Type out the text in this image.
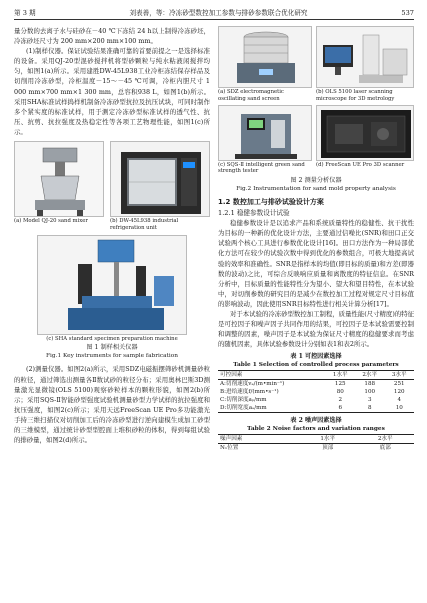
第 3 期	刘表善，等：冷冻砂型数控加工参数与排砂参数联合优化研究	537

量分数的去离子水与硅砂在－40 ℃下冻结 24 h以上制得冷冻砂坯，冷冻砂坯尺寸为 200 mm×200 mm×100 mm。

(1)制样仪器。保证试验结果准确可靠的首要前提之一是选择标准的设备。采用QJ-20型混砂搅拌机将型砂颗粒与纯水粘液闲搅拌均匀，如图1(a)所示。采用建胜DW-45L938工业冷柜冻结保存样品及切削用冷冻砂型，冷柜温度－15～－45 ℃可调，冷柜内胆尺寸 1 000 mm×700 mm×1 300 mm，总容积938 L，如图1(b)所示。采用SHA标准试样捣样机制备冷冻砂型抗拉及抗压试块，可同时制作多个紧实度的标准试样，用于测定冷冻砂型标准试样的透气性、抗压、抗剪、抗拉强度及热稳定性等各项工艺物理性能，如图1(c)所示。

(a) Model QJ-20 sand mixer	(b) DW-45L938 industrial refrigeration unit
(c) SHA standard specimen preparation machine
图 1 制样相关仪器
Fig.1 Key instruments for sample fabrication

(2)测量仪器。如图2(a)所示，采用SDZ电磁振摆筛砂机测量砂粒的粒径，通过筛选出测量各Ⅱ数试砂的粒径分布；采用奥林巴斯3D测量激光显微镜(OLS 5100)观察砂粒样本的颗粒形貌，如图2(b)所示；采用SQS-Ⅱ智能砂型强度试验机测量砂型力学试样的抗拉强度和抗压强度，如图2(c)所示；采用天远FreeScan UE Pro多功能激光手持三维扫描仪对切削加工后的冷冻砂型进行逆向建模生成加工砂型的三维模型，通过统计砂型型腔面上堆积砂粒的体积，得到每组试验的排砂量，如图2(d)所示。

(a) SDZ electromagnetic oscillating sand screen
(b) OLS 5100 laser scanning microscope for 3D metrology
(c) SQS-Ⅱ intelligent green sand strength tester
(d) FreeScan UE Pro 3D scanner
图 2 测量分析仪器
Fig.2 Instrumentation for sand mold property analysis
1.2 数控加工与排砂试验设计方案
1.2.1 稳健参数设计试验

稳健参数设计是以追求产品和系统质量特性的稳健性、抗干扰性为目标的一种新的优化设计方法，主要通过信噪比(SNR)和田口正交试验两个核心工具进行参数优化设计[16]。田口方法作为一种局部优化方法可在较少的试验次数中得到优化的参数组合，可极大地提高试验的效率和准确性。SNR是指样本的均值(即目标的质量)和方差(即器数的波动)之比，可综合反映响应质量和离散度的特征信息。在SNR分析中，目标质量的性能特性分为望小、望大和望目特性，在本试验中，对切削参数的研究目的是减少在数控加工过程对规定尺寸目标值的影响波动，因此使用SNR目标特性进行相关计算分析[17]。

对于本试验的冷冻砂型数控加工制程，质量性能(尺寸精度)的特征是可控因子和噪声因子共同作用的结果，可控因子是本试验需要控制和调整的因素，噪声因子是本试验为保证尺寸精度的稳健要求而考虑的随机因素，具体试验参数设计分别如表1和表2所示。

表 1 可控因素选择
Table 1 Selection of controlled process parameters
可控因素	1水平	2水平	3水平
A:切削速度vₐ/(m•min⁻¹)	125	188	251
B:进给速度f/(mm•s⁻¹)	80	100	120
C:切削深度aₚ/mm	2	3	4
D:切削宽度aₑ/mm	6	8	10
表 2 噪声因素选择
Table 2 Noise factors and variation ranges
噪声因素	1水平	2水平
N₁位置	顶部	底部
